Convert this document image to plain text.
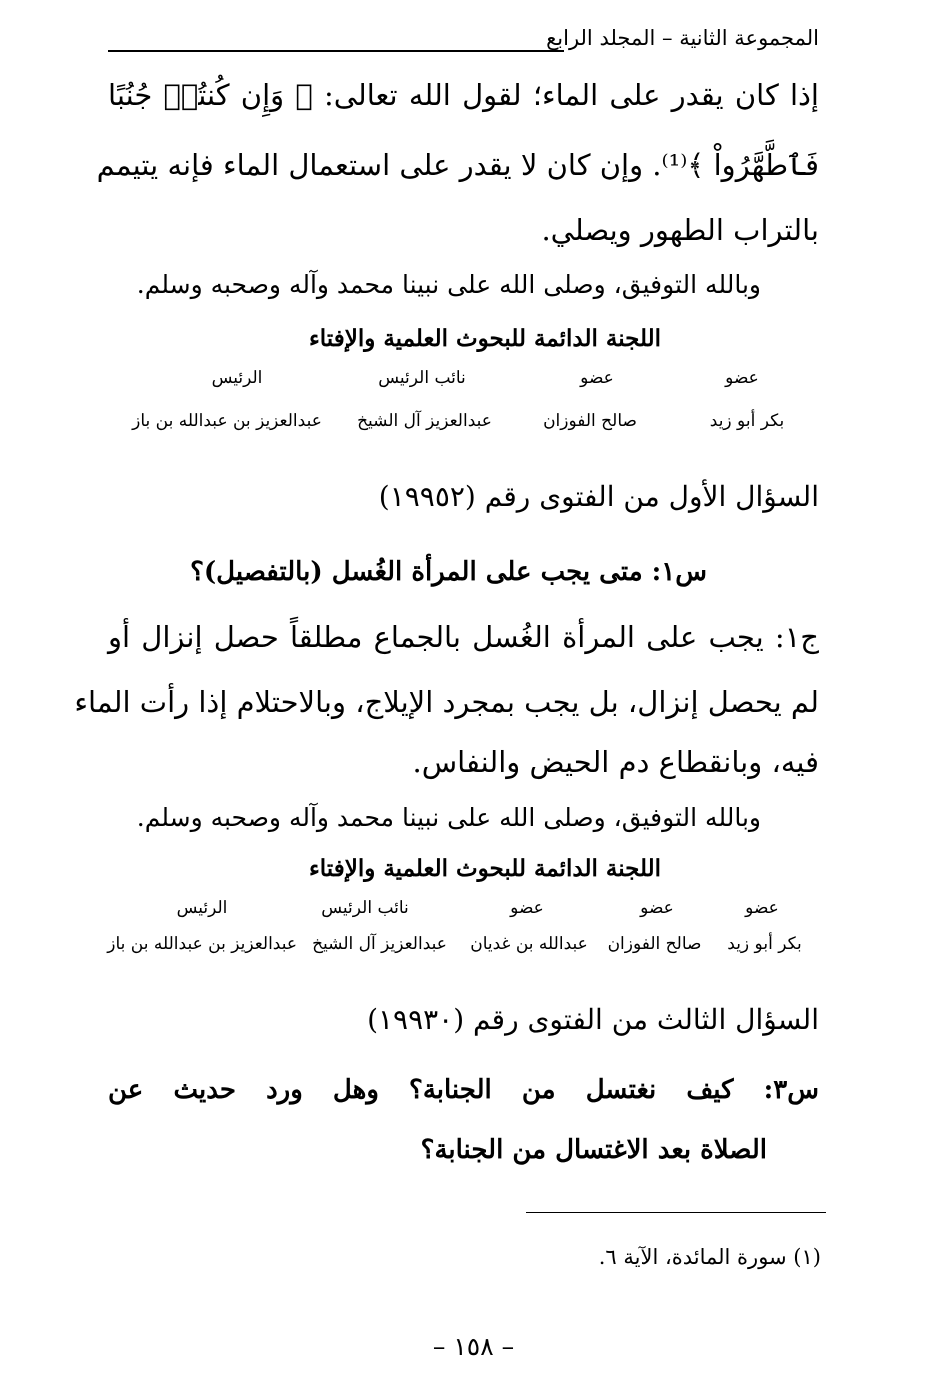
المجموعة الثانية – المجلد الرابع
إذا كان يقدر على الماء؛ لقول الله تعالى: ﴿ وَإِن كُنتُمۡ جُنُبًا
فَٱطَّهَّرُواْ ﴾⁽¹⁾. وإن كان لا يقدر على استعمال الماء فإنه يتيمم
بالتراب الطهور ويصلي.
وبالله التوفيق، وصلى الله على نبينا محمد وآله وصحبه وسلم.
اللجنة الدائمة للبحوث العلمية والإفتاء
عضو
بكر أبو زيد
عضو
صالح الفوزان
نائب الرئيس
عبدالعزيز آل الشيخ
الرئيس
عبدالعزيز بن عبدالله بن باز
السؤال الأول من الفتوى رقم (١٩٩٥٢)
س١: متى يجب على المرأة الغُسل (بالتفصيل)؟
ج١: يجب على المرأة الغُسل بالجماع مطلقاً حصل إنزال أو
لم يحصل إنزال، بل يجب بمجرد الإيلاج، وبالاحتلام إذا رأت الماء
فيه، وبانقطاع دم الحيض والنفاس.
وبالله التوفيق، وصلى الله على نبينا محمد وآله وصحبه وسلم.
اللجنة الدائمة للبحوث العلمية والإفتاء
عضو
بكر أبو زيد
عضو
صالح الفوزان
عضو
عبدالله بن غديان
نائب الرئيس
عبدالعزيز آل الشيخ
الرئيس
عبدالعزيز بن عبدالله بن باز
السؤال الثالث من الفتوى رقم (١٩٩٣٠)
س٣: كيف نغتسل من الجنابة؟ وهل ورد حديث عن
الصلاة بعد الاغتسال من الجنابة؟
(١) سورة المائدة، الآية ٦.
– ١٥٨ –
